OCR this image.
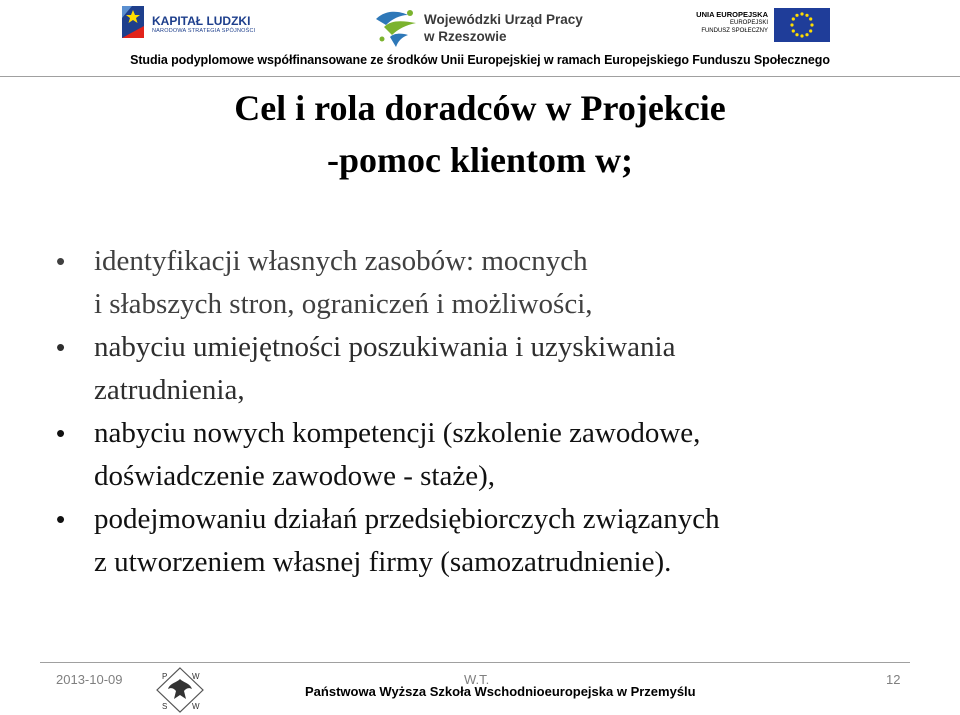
KAPITAŁ LUDZKI
NARODOWA STRATEGIA SPÓJNOŚCI
Wojewódzki Urząd Pracy
w Rzeszowie
UNIA EUROPEJSKA
EUROPEJSKI
FUNDUSZ SPOŁECZNY
Studia podyplomowe współfinansowane ze środków Unii Europejskiej w ramach Europejskiego Funduszu Społecznego
Cel i rola doradców w Projekcie
-pomoc klientom w;
• identyfikacji własnych zasobów: mocnych
i słabszych stron, ograniczeń i możliwości,
• nabyciu umiejętności poszukiwania i uzyskiwania
zatrudnienia,
• nabyciu nowych kompetencji (szkolenie zawodowe,
doświadczenie zawodowe - staże),
• podejmowaniu działań przedsiębiorczych związanych
z utworzeniem własnej firmy (samozatrudnienie).
2013-10-09	P	W
S	W
W.T.
Państwowa Wyższa Szkoła Wschodnioeuropejska w Przemyślu
12
